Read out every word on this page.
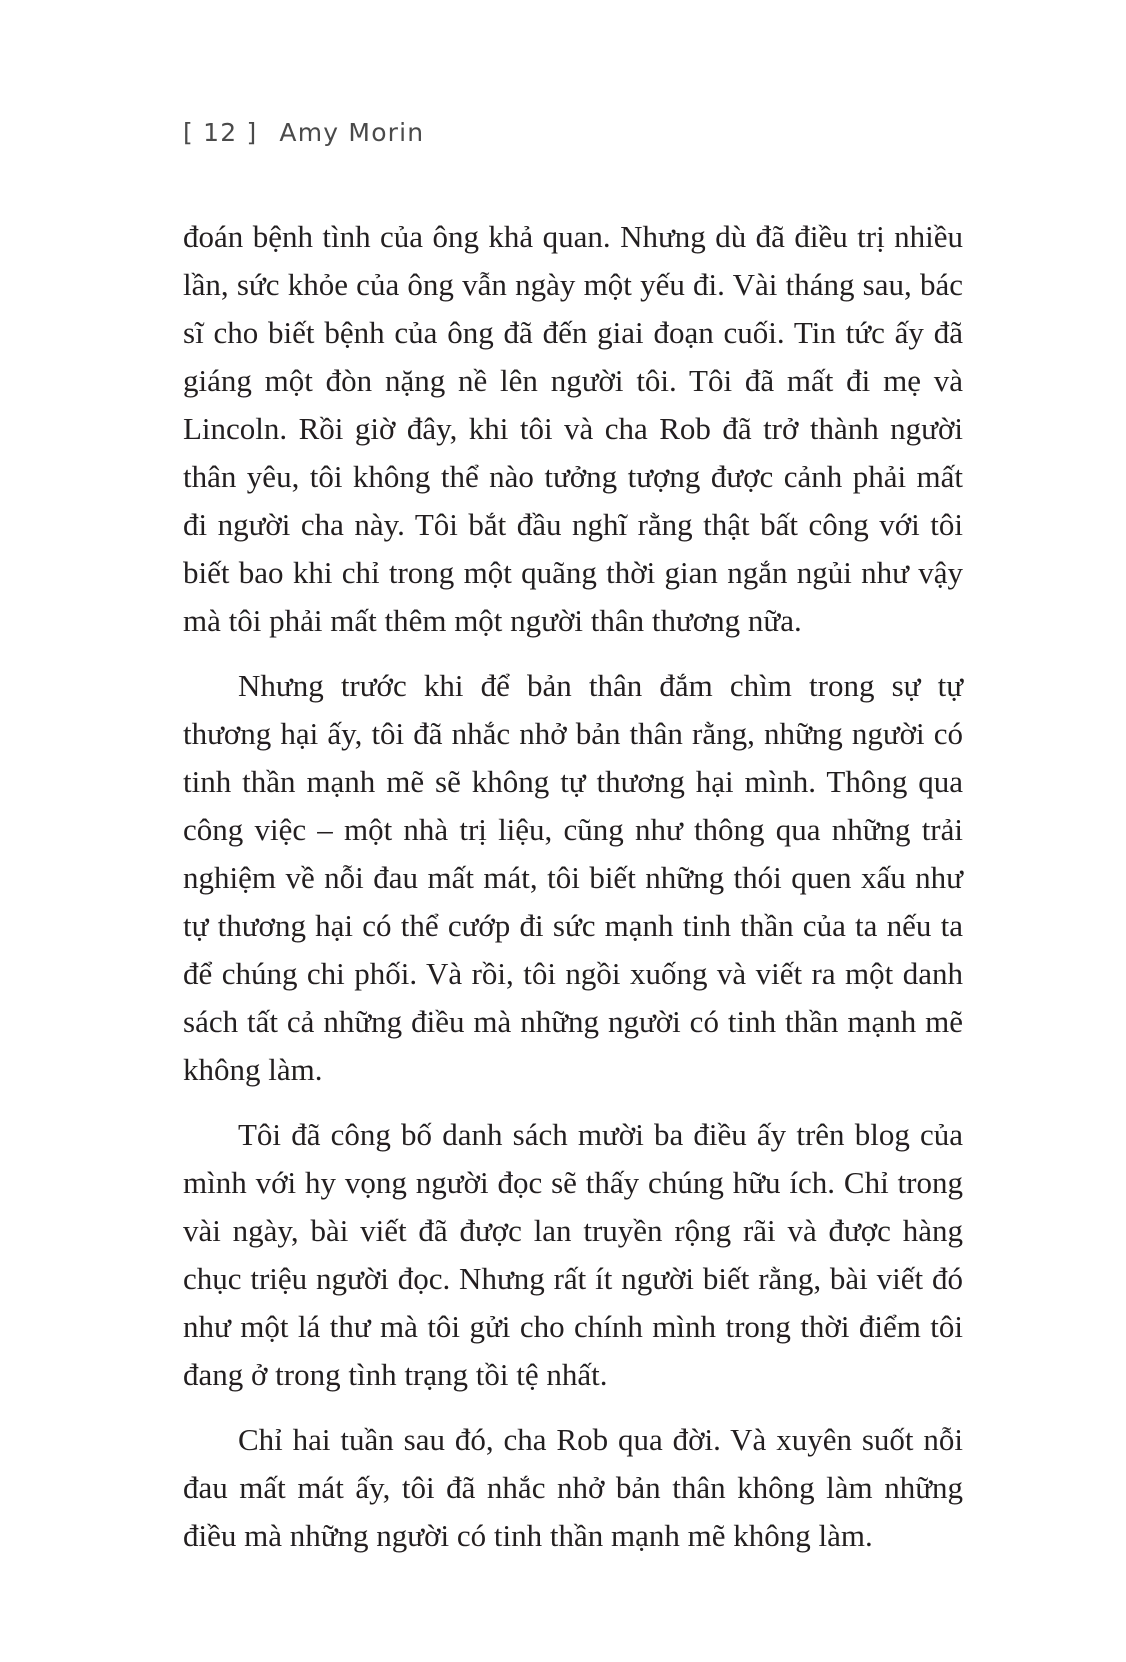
[ 12 ] Amy Morin

đoán bệnh tình của ông khả quan. Nhưng dù đã điều trị nhiều lần, sức khỏe của ông vẫn ngày một yếu đi. Vài tháng sau, bác sĩ cho biết bệnh của ông đã đến giai đoạn cuối. Tin tức ấy đã giáng một đòn nặng nề lên người tôi. Tôi đã mất đi mẹ và Lincoln. Rồi giờ đây, khi tôi và cha Rob đã trở thành người thân yêu, tôi không thể nào tưởng tượng được cảnh phải mất đi người cha này. Tôi bắt đầu nghĩ rằng thật bất công với tôi biết bao khi chỉ trong một quãng thời gian ngắn ngủi như vậy mà tôi phải mất thêm một người thân thương nữa.

Nhưng trước khi để bản thân đắm chìm trong sự tự thương hại ấy, tôi đã nhắc nhở bản thân rằng, những người có tinh thần mạnh mẽ sẽ không tự thương hại mình. Thông qua công việc – một nhà trị liệu, cũng như thông qua những trải nghiệm về nỗi đau mất mát, tôi biết những thói quen xấu như tự thương hại có thể cướp đi sức mạnh tinh thần của ta nếu ta để chúng chi phối. Và rồi, tôi ngồi xuống và viết ra một danh sách tất cả những điều mà những người có tinh thần mạnh mẽ không làm.

Tôi đã công bố danh sách mười ba điều ấy trên blog của mình với hy vọng người đọc sẽ thấy chúng hữu ích. Chỉ trong vài ngày, bài viết đã được lan truyền rộng rãi và được hàng chục triệu người đọc. Nhưng rất ít người biết rằng, bài viết đó như một lá thư mà tôi gửi cho chính mình trong thời điểm tôi đang ở trong tình trạng tồi tệ nhất.

Chỉ hai tuần sau đó, cha Rob qua đời. Và xuyên suốt nỗi đau mất mát ấy, tôi đã nhắc nhở bản thân không làm những điều mà những người có tinh thần mạnh mẽ không làm.
